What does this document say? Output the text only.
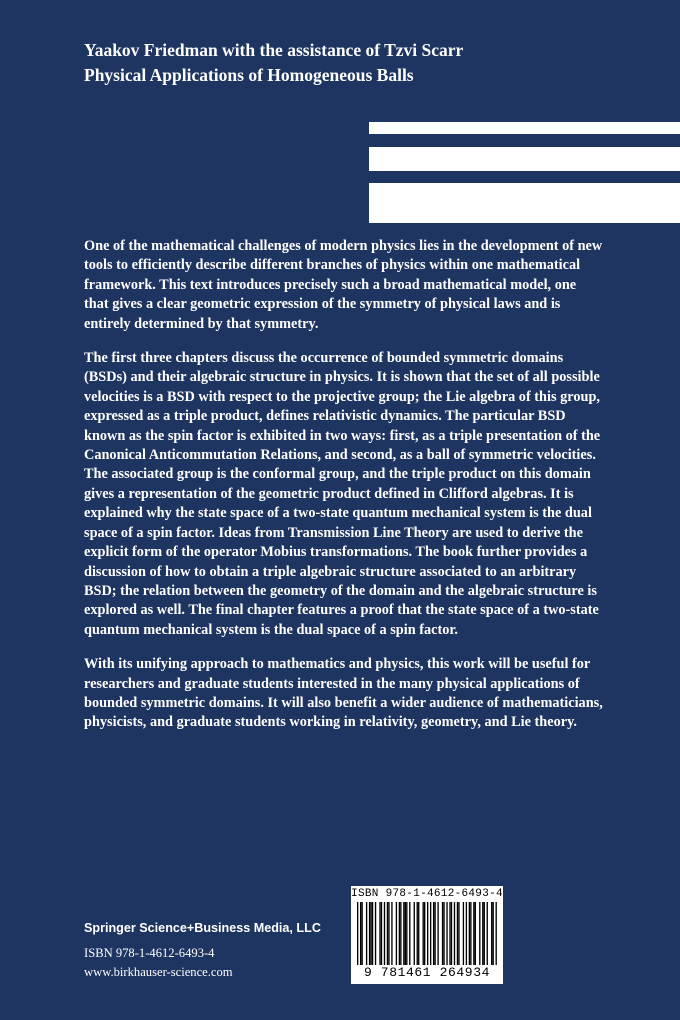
Yaakov Friedman with the assistance of Tzvi Scarr
Physical Applications of Homogeneous Balls

One of the mathematical challenges of modern physics lies in the development of new tools to efficiently describe different branches of physics within one mathematical framework. This text introduces precisely such a broad mathematical model, one that gives a clear geometric expression of the symmetry of physical laws and is entirely determined by that symmetry.

The first three chapters discuss the occurrence of bounded symmetric domains (BSDs) and their algebraic structure in physics. It is shown that the set of all possible velocities is a BSD with respect to the projective group; the Lie algebra of this group, expressed as a triple product, defines relativistic dynamics. The particular BSD known as the spin factor is exhibited in two ways: first, as a triple presentation of the Canonical Anticommutation Relations, and second, as a ball of symmetric velocities. The associated group is the conformal group, and the triple product on this domain gives a representation of the geometric product defined in Clifford algebras. It is explained why the state space of a two-state quantum mechanical system is the dual space of a spin factor. Ideas from Transmission Line Theory are used to derive the explicit form of the operator Mobius transformations. The book further provides a discussion of how to obtain a triple algebraic structure associated to an arbitrary BSD; the relation between the geometry of the domain and the algebraic structure is explored as well. The final chapter features a proof that the state space of a two-state quantum mechanical system is the dual space of a spin factor.

With its unifying approach to mathematics and physics, this work will be useful for researchers and graduate students interested in the many physical applications of bounded symmetric domains. It will also benefit a wider audience of mathematicians, physicists, and graduate students working in relativity, geometry, and Lie theory.

Springer Science+Business Media, LLC
ISBN 978-1-4612-6493-4
www.birkhauser-science.com
ISBN 978-1-4612-6493-4
9 781461 264934
